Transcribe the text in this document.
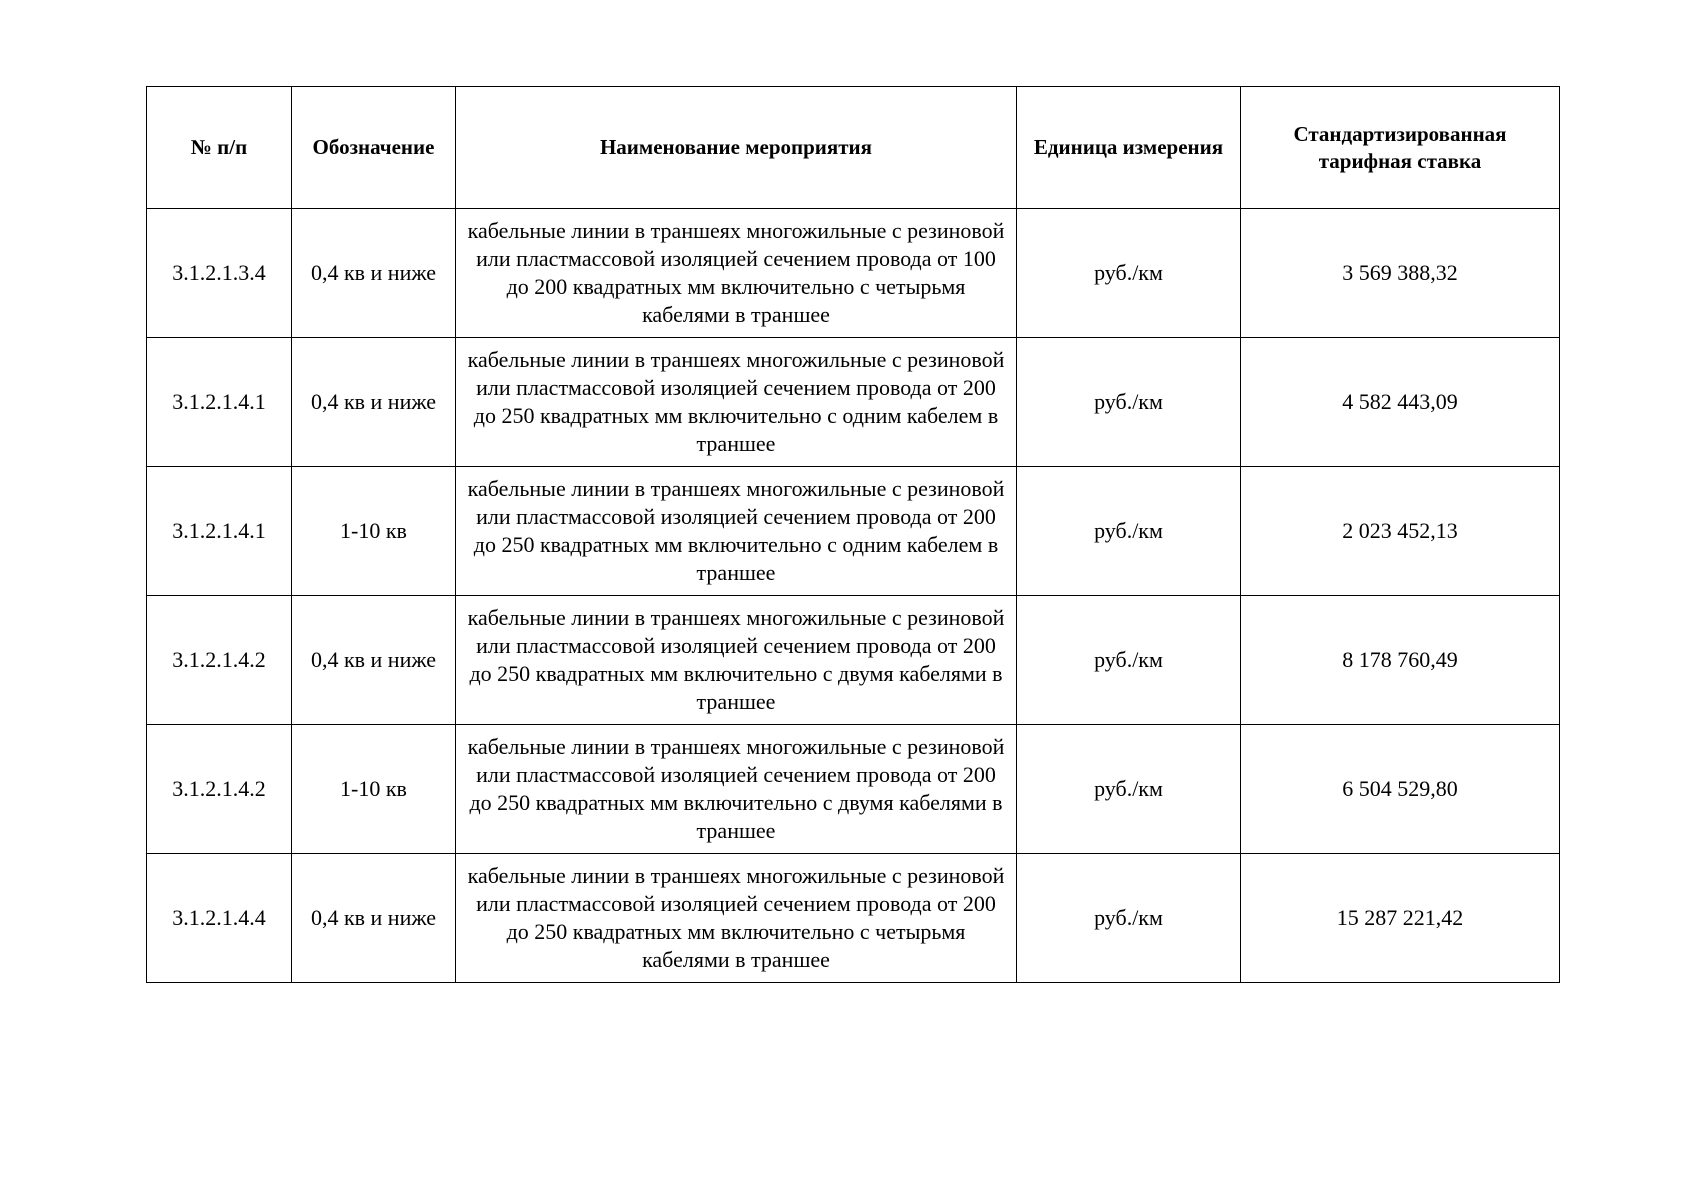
№ п/п	Обозначение	Наименование мероприятия	Единица измерения	Стандартизированная тарифная ставка
3.1.2.1.3.4	0,4 кв и ниже	кабельные линии в траншеях многожильные с резиновой или пластмассовой изоляцией сечением провода от 100 до 200 квадратных мм включительно с четырьмя кабелями в траншее	руб./км	3 569 388,32
3.1.2.1.4.1	0,4 кв и ниже	кабельные линии в траншеях многожильные с резиновой или пластмассовой изоляцией сечением провода от 200 до 250 квадратных мм включительно с одним кабелем в траншее	руб./км	4 582 443,09
3.1.2.1.4.1	1-10 кв	кабельные линии в траншеях многожильные с резиновой или пластмассовой изоляцией сечением провода от 200 до 250 квадратных мм включительно с одним кабелем в траншее	руб./км	2 023 452,13
3.1.2.1.4.2	0,4 кв и ниже	кабельные линии в траншеях многожильные с резиновой или пластмассовой изоляцией сечением провода от 200 до 250 квадратных мм включительно с двумя кабелями в траншее	руб./км	8 178 760,49
3.1.2.1.4.2	1-10 кв	кабельные линии в траншеях многожильные с резиновой или пластмассовой изоляцией сечением провода от 200 до 250 квадратных мм включительно с двумя кабелями в траншее	руб./км	6 504 529,80
3.1.2.1.4.4	0,4 кв и ниже	кабельные линии в траншеях многожильные с резиновой или пластмассовой изоляцией сечением провода от 200 до 250 квадратных мм включительно с четырьмя кабелями в траншее	руб./км	15 287 221,42
